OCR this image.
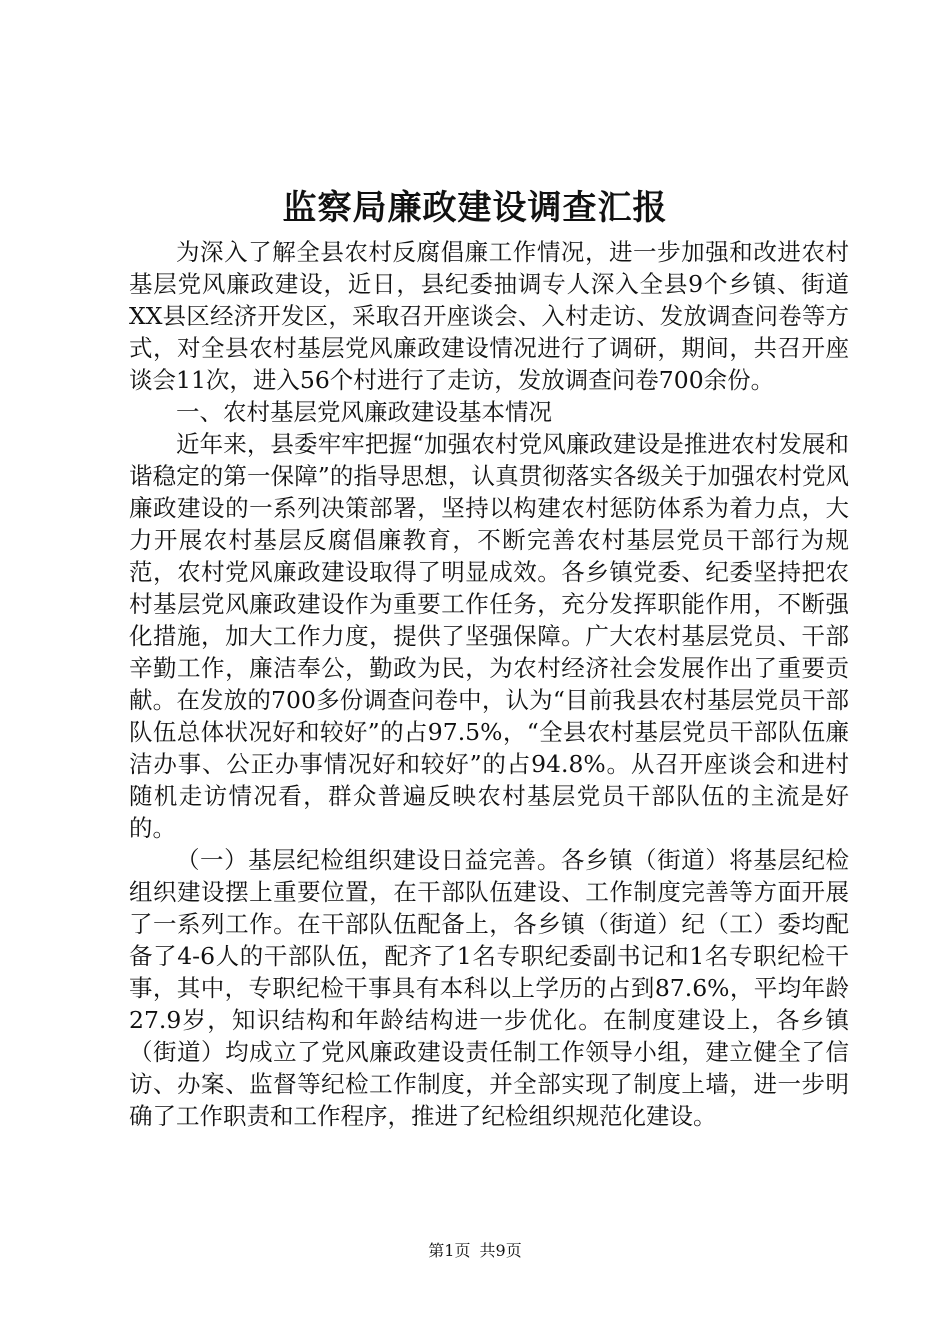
监察局廉政建设调查汇报

为深入了解全县农村反腐倡廉工作情况，进一步加强和改进农村基层党风廉政建设，近日，县纪委抽调专人深入全县9个乡镇、街道XX县区经济开发区，采取召开座谈会、入村走访、发放调查问卷等方式，对全县农村基层党风廉政建设情况进行了调研，期间，共召开座谈会11次，进入56个村进行了走访，发放调查问卷700余份。

一、农村基层党风廉政建设基本情况

近年来，县委牢牢把握“加强农村党风廉政建设是推进农村发展和谐稳定的第一保障”的指导思想，认真贯彻落实各级关于加强农村党风廉政建设的一系列决策部署，坚持以构建农村惩防体系为着力点，大力开展农村基层反腐倡廉教育，不断完善农村基层党员干部行为规范，农村党风廉政建设取得了明显成效。各乡镇党委、纪委坚持把农村基层党风廉政建设作为重要工作任务，充分发挥职能作用，不断强化措施，加大工作力度，提供了坚强保障。广大农村基层党员、干部辛勤工作，廉洁奉公，勤政为民，为农村经济社会发展作出了重要贡献。在发放的700多份调查问卷中，认为“目前我县农村基层党员干部队伍总体状况好和较好”的占97.5%，“全县农村基层党员干部队伍廉洁办事、公正办事情况好和较好”的占94.8%。从召开座谈会和进村随机走访情况看，群众普遍反映农村基层党员干部队伍的主流是好的。

（一）基层纪检组织建设日益完善。各乡镇（街道）将基层纪检组织建设摆上重要位置，在干部队伍建设、工作制度完善等方面开展了一系列工作。在干部队伍配备上，各乡镇（街道）纪（工）委均配备了4-6人的干部队伍，配齐了1名专职纪委副书记和1名专职纪检干事，其中，专职纪检干事具有本科以上学历的占到87.6%，平均年龄27.9岁，知识结构和年龄结构进一步优化。在制度建设上，各乡镇（街道）均成立了党风廉政建设责任制工作领导小组，建立健全了信访、办案、监督等纪检工作制度，并全部实现了制度上墙，进一步明确了工作职责和工作程序，推进了纪检组织规范化建设。

第1页 共9页
